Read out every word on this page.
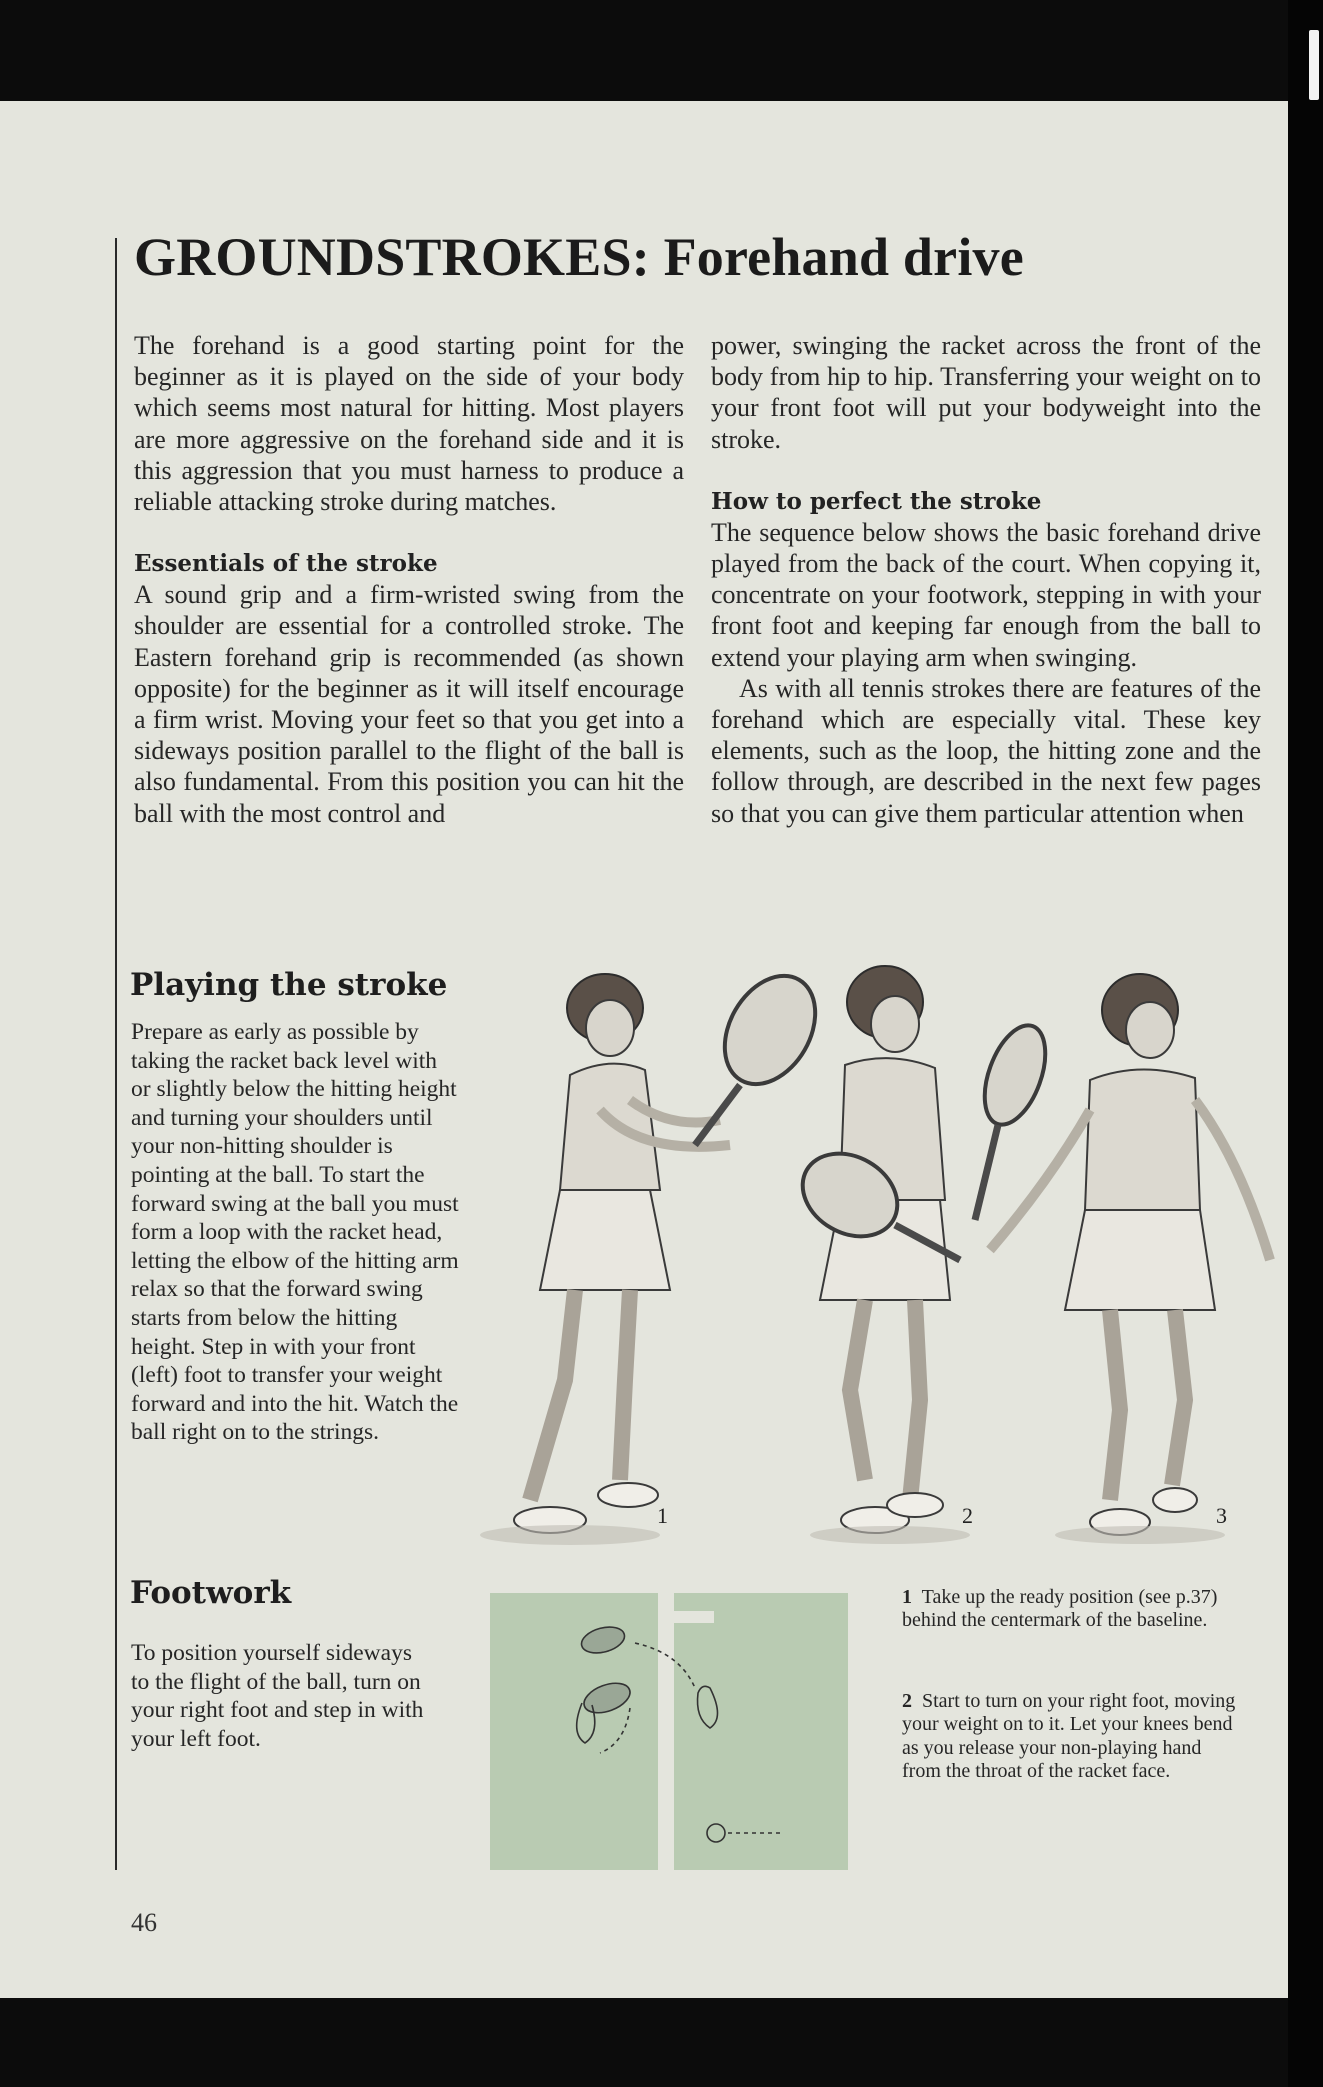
GROUNDSTROKES: Forehand drive

The forehand is a good starting point for the beginner as it is played on the side of your body which seems most natural for hitting. Most players are more aggressive on the forehand side and it is this aggression that you must harness to produce a reliable attacking stroke during matches.

Essentials of the stroke

A sound grip and a firm-wristed swing from the shoulder are essential for a controlled stroke. The Eastern forehand grip is recommended (as shown opposite) for the beginner as it will itself encourage a firm wrist. Moving your feet so that you get into a sideways position parallel to the flight of the ball is also fundamental. From this position you can hit the ball with the most control and

power, swinging the racket across the front of the body from hip to hip. Transferring your weight on to your front foot will put your bodyweight into the stroke.

How to perfect the stroke

The sequence below shows the basic forehand drive played from the back of the court. When copying it, concentrate on your footwork, stepping in with your front foot and keeping far enough from the ball to extend your playing arm when swinging.

As with all tennis strokes there are features of the forehand which are especially vital. These key elements, such as the loop, the hitting zone and the follow through, are described in the next few pages so that you can give them particular attention when

Playing the stroke

Prepare as early as possible by taking the racket back level with or slightly below the hitting height and turning your shoulders until your non-hitting shoulder is pointing at the ball. To start the forward swing at the ball you must form a loop with the racket head, letting the elbow of the hitting arm relax so that the forward swing starts from below the hitting height. Step in with your front (left) foot to transfer your weight forward and into the hit. Watch the ball right on to the strings.

1	2	3
Footwork

To position yourself sideways to the flight of the ball, turn on your right foot and step in with your left foot.

1 Take up the ready position (see p.37) behind the centermark of the baseline.

2 Start to turn on your right foot, moving your weight on to it. Let your knees bend as you release your non-playing hand from the throat of the racket face.

46
